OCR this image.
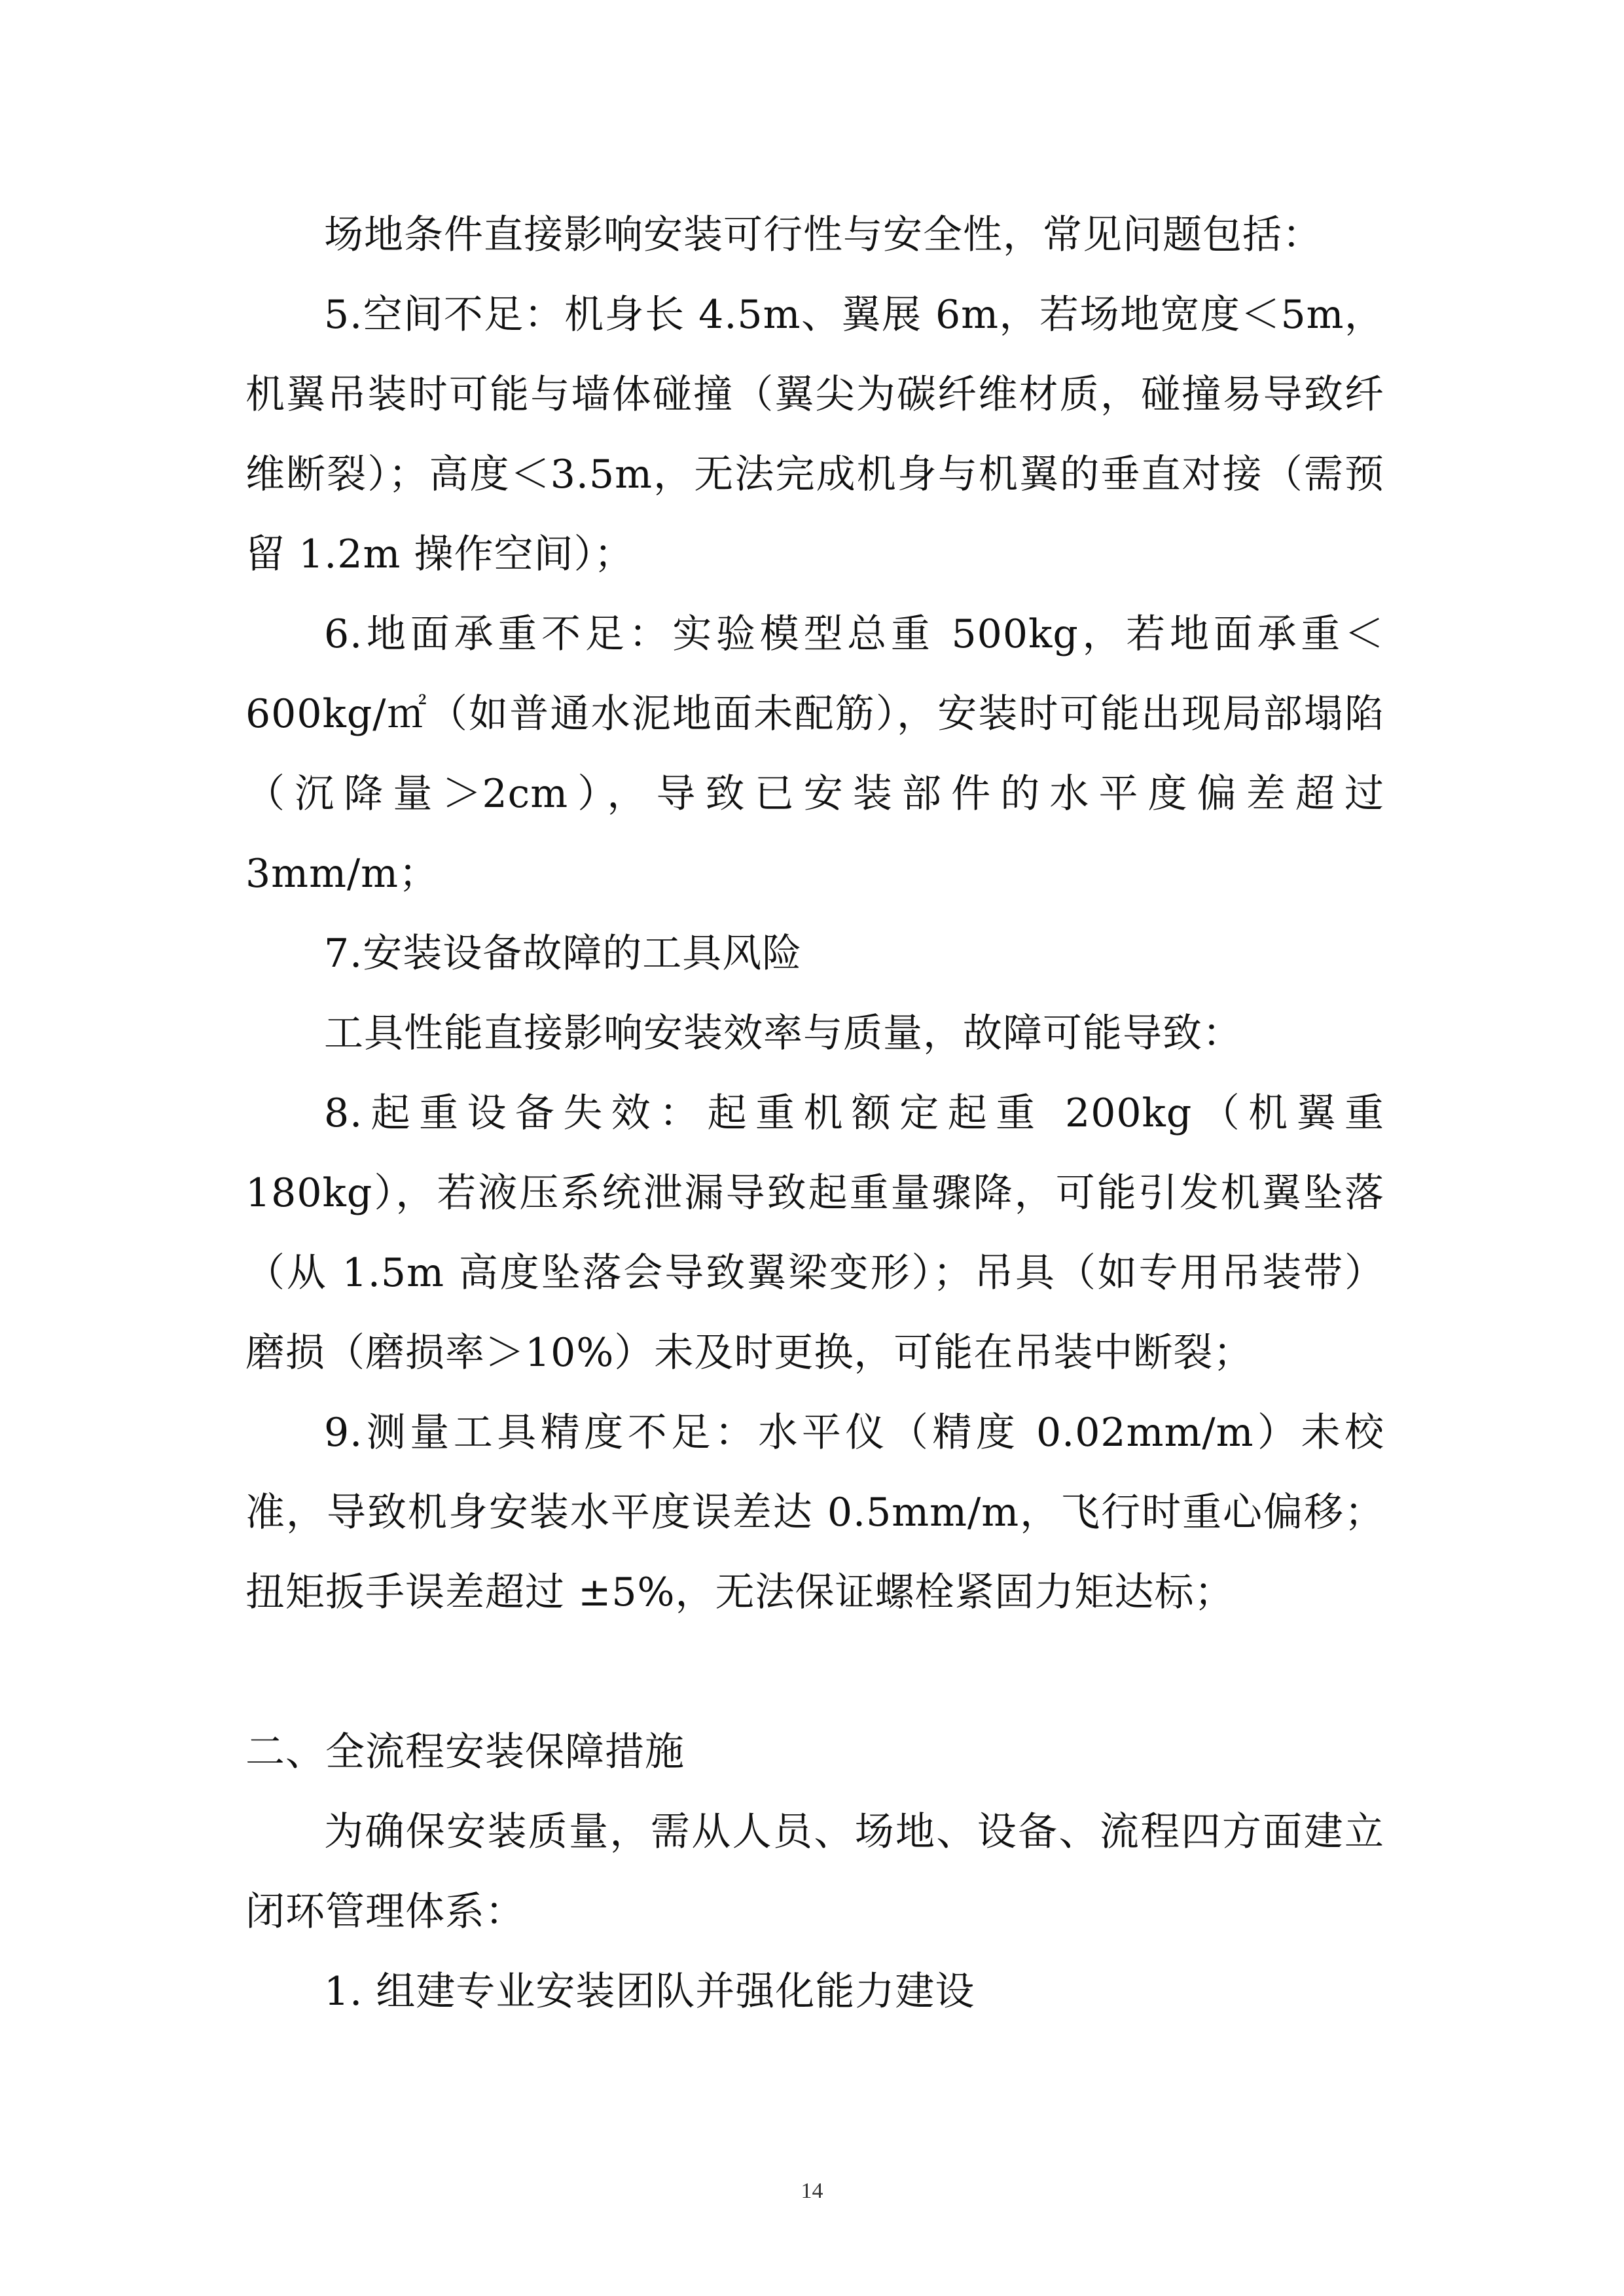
场地条件直接影响安装可行性与安全性，常见问题包括：

5.空间不足：机身长 4.5m、翼展 6m，若场地宽度＜5m，机翼吊装时可能与墙体碰撞（翼尖为碳纤维材质，碰撞易导致纤维断裂）；高度＜3.5m，无法完成机身与机翼的垂直对接（需预留 1.2m 操作空间）；

6.地面承重不足：实验模型总重 500kg，若地面承重＜600kg/㎡（如普通水泥地面未配筋），安装时可能出现局部塌陷（沉降量＞2cm），导致已安装部件的水平度偏差超过 3mm/m；

7.安装设备故障的工具风险

工具性能直接影响安装效率与质量，故障可能导致：

8.起重设备失效：起重机额定起重 200kg（机翼重 180kg），若液压系统泄漏导致起重量骤降，可能引发机翼坠落（从 1.5m 高度坠落会导致翼梁变形）；吊具（如专用吊装带）磨损（磨损率＞10%）未及时更换，可能在吊装中断裂；

9.测量工具精度不足：水平仪（精度 0.02mm/m）未校准，导致机身安装水平度误差达 0.5mm/m，飞行时重心偏移；扭矩扳手误差超过 ±5%，无法保证螺栓紧固力矩达标；

二、全流程安装保障措施

为确保安装质量，需从人员、场地、设备、流程四方面建立闭环管理体系：

1. 组建专业安装团队并强化能力建设

14
